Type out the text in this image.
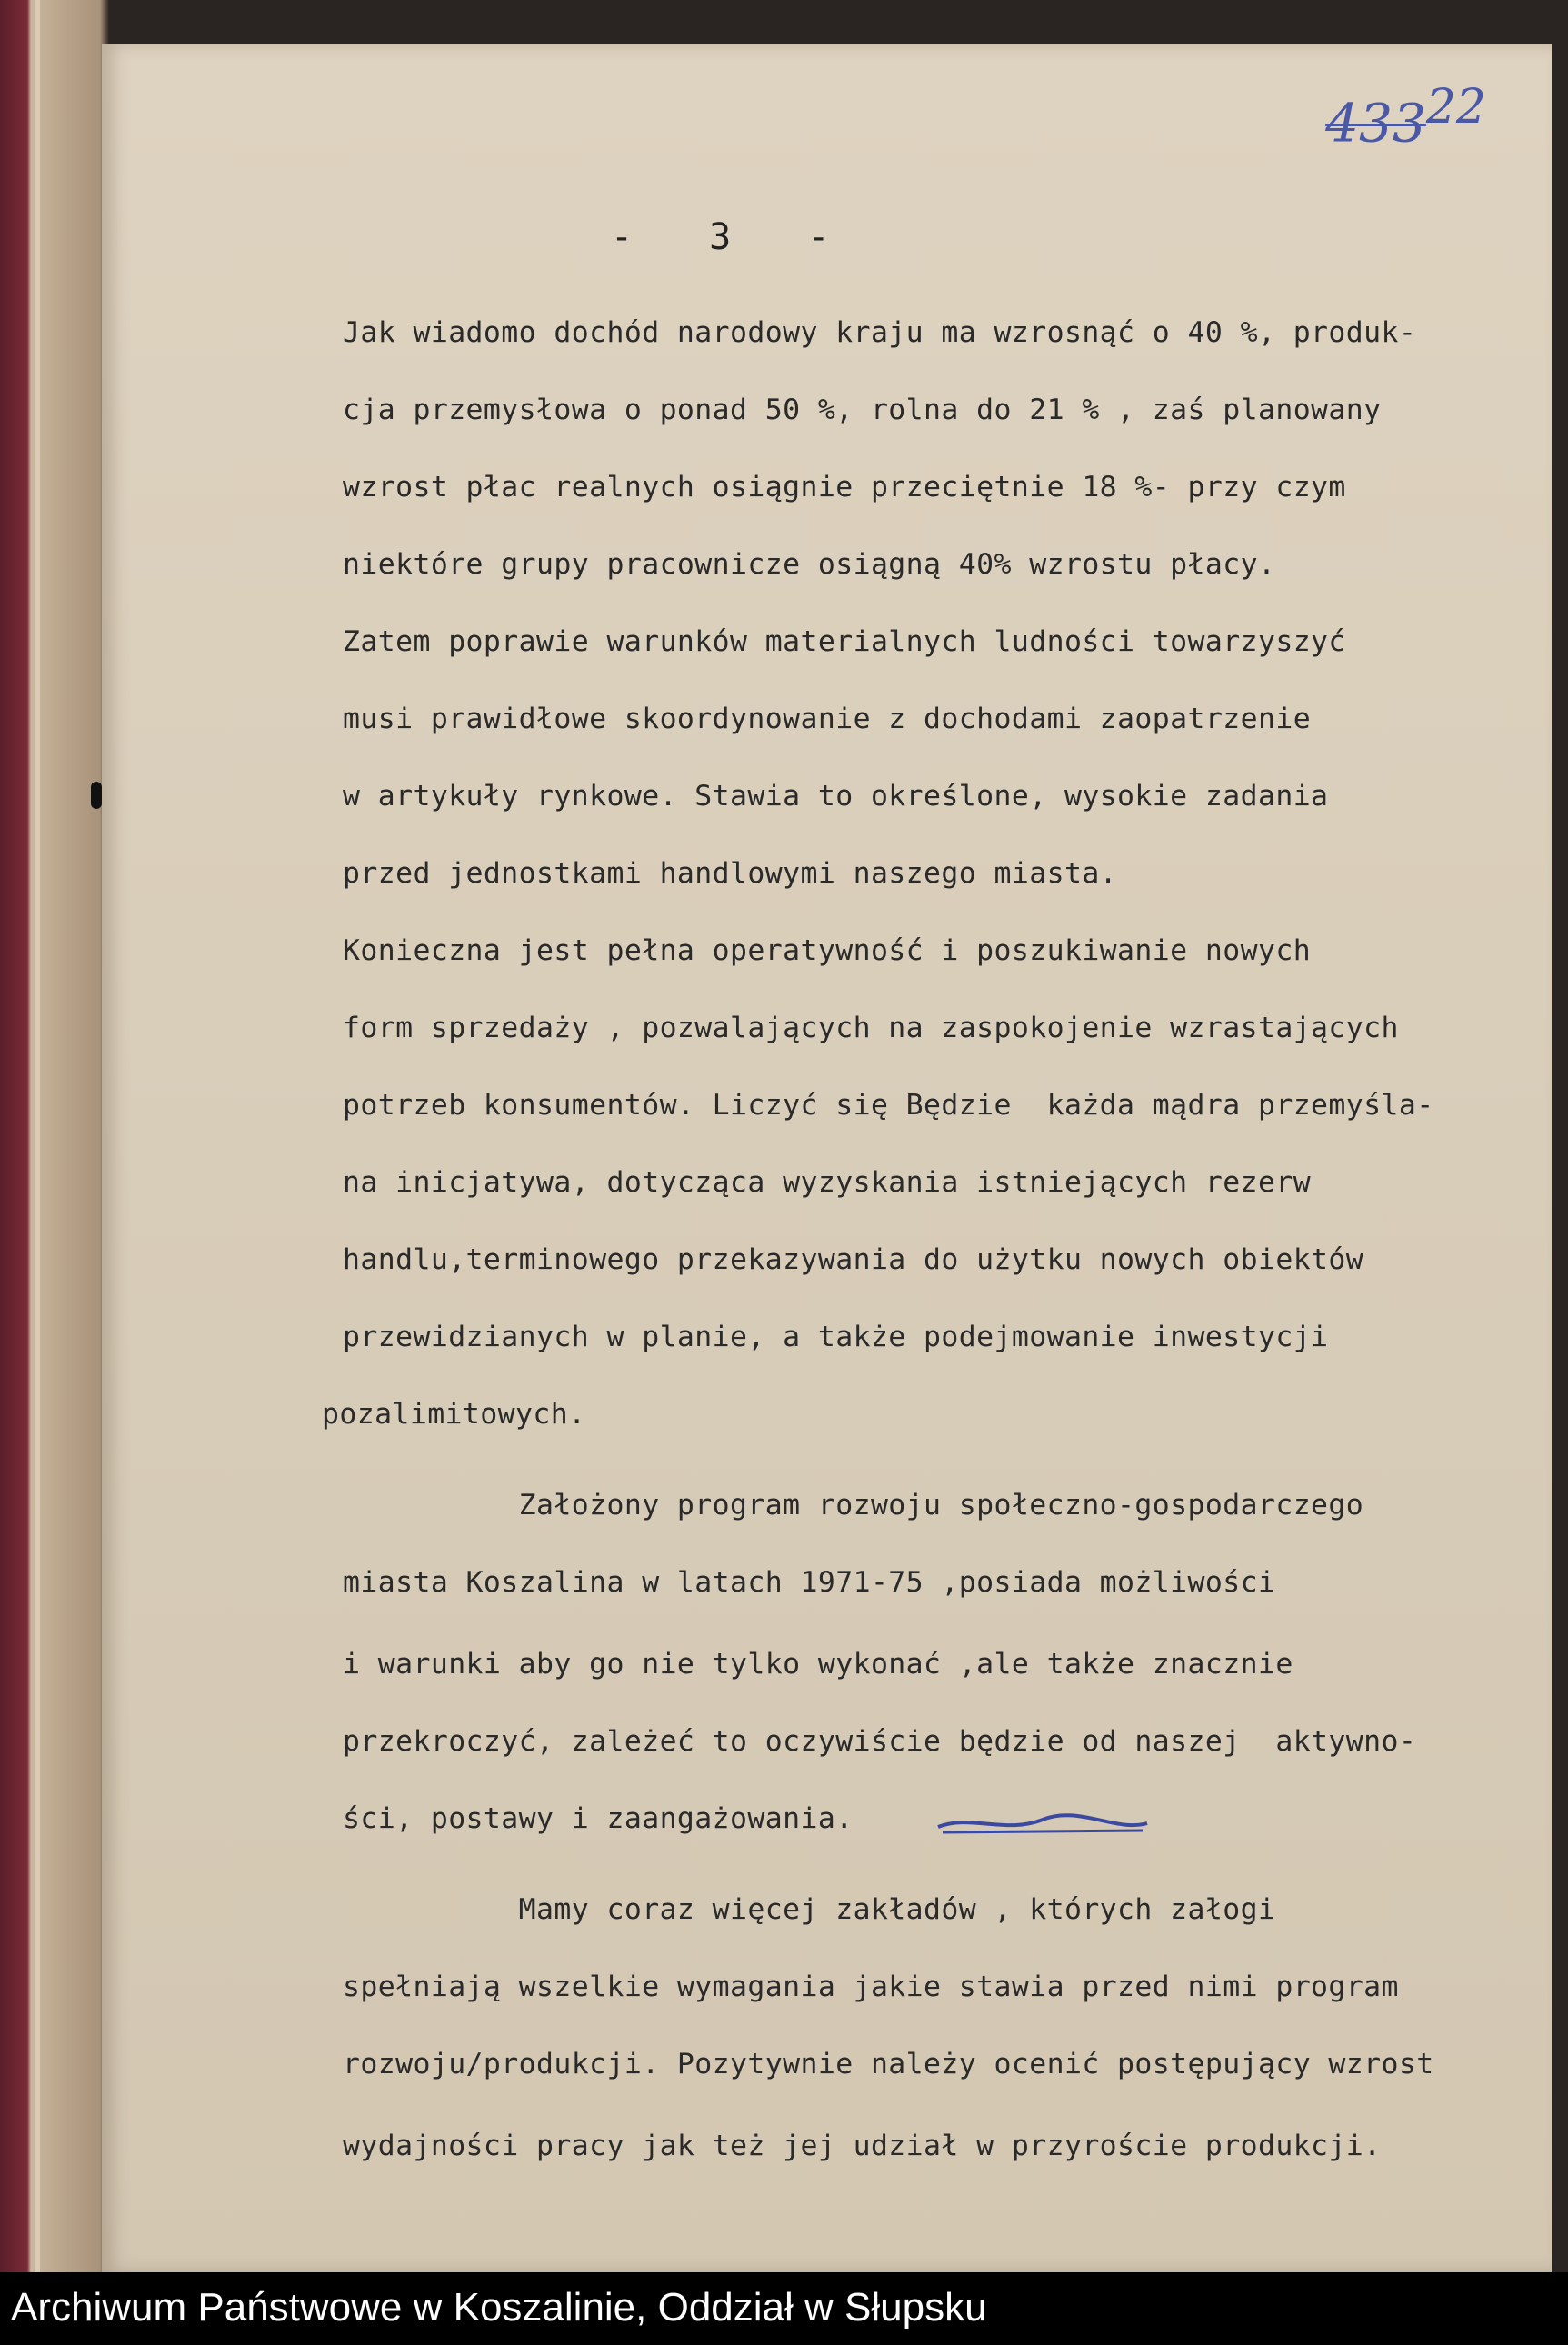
43322
- 3 -
Jak wiadomo dochód narodowy kraju ma wzrosnąć o 40 %, produk-
cja przemysłowa o ponad 50 %, rolna do 21 % , zaś planowany
wzrost płac realnych osiągnie przeciętnie 18 %- przy czym
niektóre grupy pracownicze osiągną 40% wzrostu płacy.
Zatem poprawie warunków materialnych ludności towarzyszyć
musi prawidłowe skoordynowanie z dochodami zaopatrzenie
w artykuły rynkowe. Stawia to określone, wysokie zadania
przed jednostkami handlowymi naszego miasta.
Konieczna jest pełna operatywność i poszukiwanie nowych
form sprzedaży , pozwalających na zaspokojenie wzrastających
potrzeb konsumentów. Liczyć się Będzie  każda mądra przemyśla-
na inicjatywa, dotycząca wyzyskania istniejących rezerw
handlu,terminowego przekazywania do użytku nowych obiektów
przewidzianych w planie, a także podejmowanie inwestycji
pozalimitowych.
Założony program rozwoju społeczno-gospodarczego
miasta Koszalina w latach 1971-75 ,posiada możliwości
i warunki aby go nie tylko wykonać ,ale także znacznie
przekroczyć, zależeć to oczywiście będzie od naszej  aktywno-
ści, postawy i zaangażowania.
Mamy coraz więcej zakładów , których załogi
spełniają wszelkie wymagania jakie stawia przed nimi program
rozwoju/produkcji. Pozytywnie należy ocenić postępujący wzrost
wydajności pracy jak też jej udział w przyroście produkcji.
Archiwum Państwowe w Koszalinie, Oddział w Słupsku
